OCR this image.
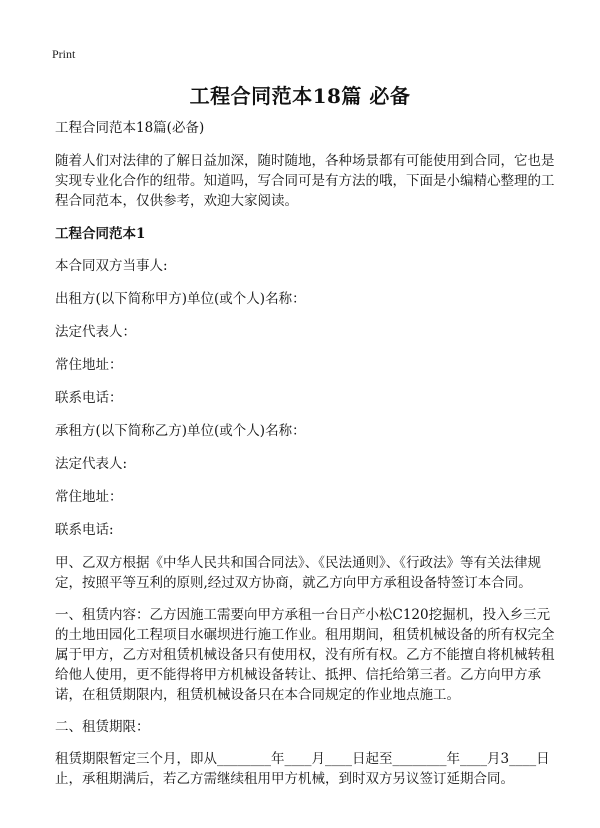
Print
工程合同范本18篇 必备

工程合同范本18篇(必备)

随着人们对法律的了解日益加深，随时随地，各种场景都有可能使用到合同，它也是实现专业化合作的纽带。知道吗，写合同可是有方法的哦，下面是小编精心整理的工程合同范本，仅供参考，欢迎大家阅读。

工程合同范本1

本合同双方当事人:

出租方(以下简称甲方)单位(或个人)名称：

法定代表人：

常住地址：

联系电话：

承租方(以下简称乙方)单位(或个人)名称：

法定代表人:

常住地址：

联系电话:

甲、乙双方根据《中华人民共和国合同法》、《民法通则》、《行政法》等有关法律规定，按照平等互利的原则,经过双方协商，就乙方向甲方承租设备特签订本合同。

一、租赁内容：乙方因施工需要向甲方承租一台日产小松C120挖掘机，投入乡三元的土地田园化工程项目水碾坝进行施工作业。租用期间，租赁机械设备的所有权完全属于甲方，乙方对租赁机械设备只有使用权，没有所有权。乙方不能擅自将机械转租给他人使用，更不能得将甲方机械设备转让、抵押、信托给第三者。乙方向甲方承诺，在租赁期限内，租赁机械设备只在本合同规定的作业地点施工。

二、租赁期限：

租赁期限暂定三个月，即从________年____月____日起至________年____月3____日止，承租期满后，若乙方需继续租用甲方机械，到时双方另议签订延期合同。
